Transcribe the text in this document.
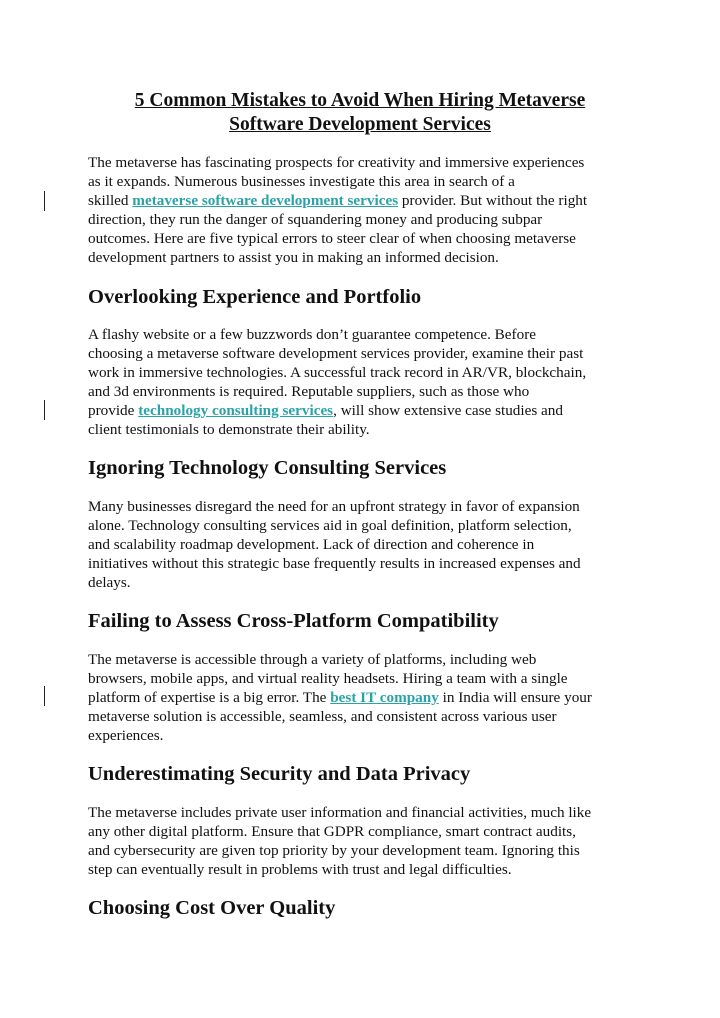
5 Common Mistakes to Avoid When Hiring Metaverse
Software Development Services

The metaverse has fascinating prospects for creativity and immersive experiences
as it expands. Numerous businesses investigate this area in search of a
skilled metaverse software development services provider. But without the right
direction, they run the danger of squandering money and producing subpar
outcomes. Here are five typical errors to steer clear of when choosing metaverse
development partners to assist you in making an informed decision.

Overlooking Experience and Portfolio

A flashy website or a few buzzwords don’t guarantee competence. Before
choosing a metaverse software development services provider, examine their past
work in immersive technologies. A successful track record in AR/VR, blockchain,
and 3d environments is required. Reputable suppliers, such as those who
provide technology consulting services, will show extensive case studies and
client testimonials to demonstrate their ability.

Ignoring Technology Consulting Services

Many businesses disregard the need for an upfront strategy in favor of expansion
alone. Technology consulting services aid in goal definition, platform selection,
and scalability roadmap development. Lack of direction and coherence in
initiatives without this strategic base frequently results in increased expenses and
delays.

Failing to Assess Cross-Platform Compatibility

The metaverse is accessible through a variety of platforms, including web
browsers, mobile apps, and virtual reality headsets. Hiring a team with a single
platform of expertise is a big error. The best IT company in India will ensure your
metaverse solution is accessible, seamless, and consistent across various user
experiences.

Underestimating Security and Data Privacy

The metaverse includes private user information and financial activities, much like
any other digital platform. Ensure that GDPR compliance, smart contract audits,
and cybersecurity are given top priority by your development team. Ignoring this
step can eventually result in problems with trust and legal difficulties.

Choosing Cost Over Quality
